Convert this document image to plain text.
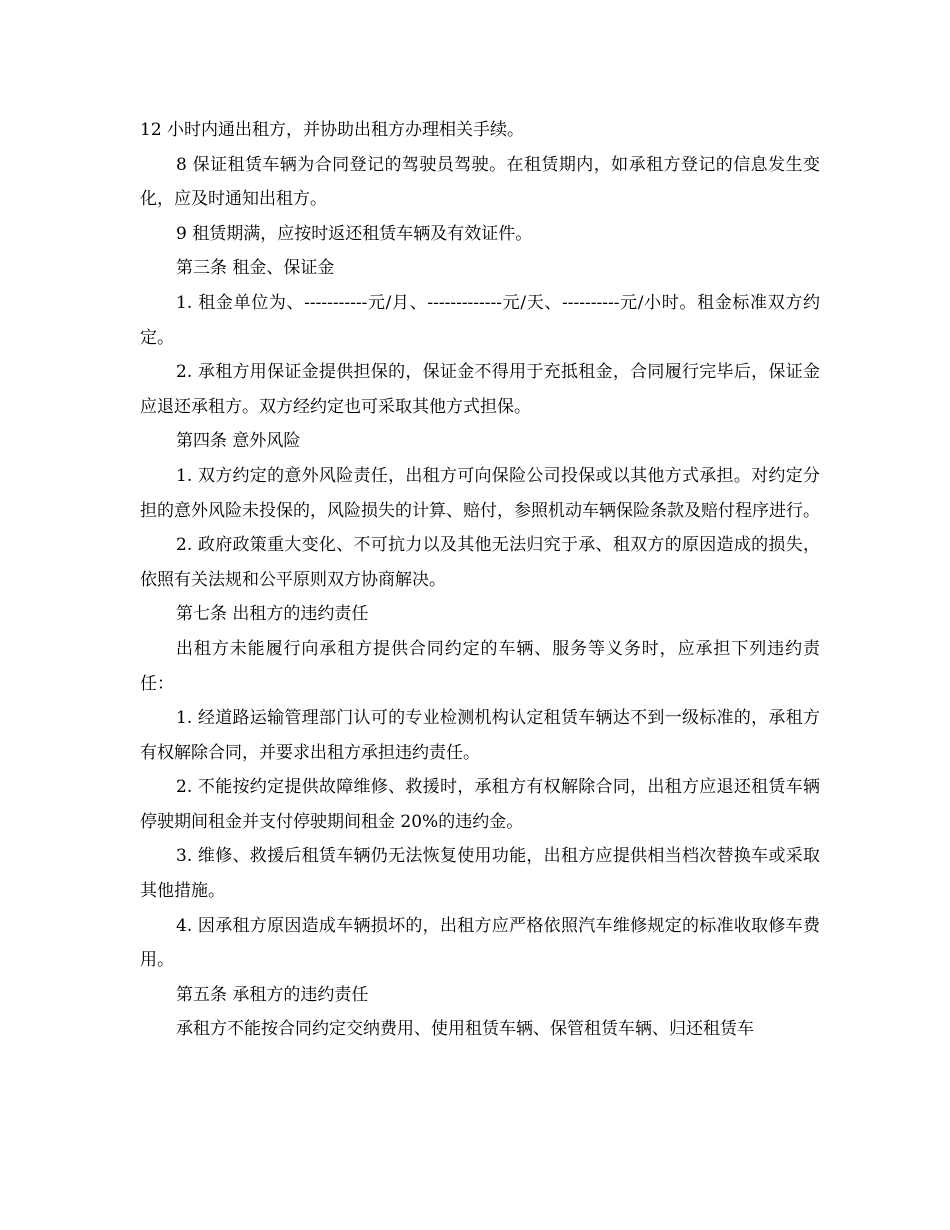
12 小时内通出租方，并协助出租方办理相关手续。

8 保证租赁车辆为合同登记的驾驶员驾驶。在租赁期内，如承租方登记的信息发生变化，应及时通知出租方。

9 租赁期满，应按时返还租赁车辆及有效证件。

第三条 租金、保证金

1. 租金单位为、-----------元/月、-------------元/天、----------元/小时。租金标准双方约定。

2. 承租方用保证金提供担保的，保证金不得用于充抵租金，合同履行完毕后，保证金应退还承租方。双方经约定也可采取其他方式担保。

第四条 意外风险

1. 双方约定的意外风险责任，出租方可向保险公司投保或以其他方式承担。对约定分担的意外风险未投保的，风险损失的计算、赔付，参照机动车辆保险条款及赔付程序进行。

2. 政府政策重大变化、不可抗力以及其他无法归究于承、租双方的原因造成的损失，依照有关法规和公平原则双方协商解决。

第七条 出租方的违约责任

出租方未能履行向承租方提供合同约定的车辆、服务等义务时，应承担下列违约责任：

1. 经道路运输管理部门认可的专业检测机构认定租赁车辆达不到一级标准的，承租方有权解除合同，并要求出租方承担违约责任。

2. 不能按约定提供故障维修、救援时，承租方有权解除合同，出租方应退还租赁车辆停驶期间租金并支付停驶期间租金 20%的违约金。

3. 维修、救援后租赁车辆仍无法恢复使用功能，出租方应提供相当档次替换车或采取其他措施。

4. 因承租方原因造成车辆损坏的，出租方应严格依照汽车维修规定的标准收取修车费用。

第五条 承租方的违约责任

承租方不能按合同约定交纳费用、使用租赁车辆、保管租赁车辆、归还租赁车
